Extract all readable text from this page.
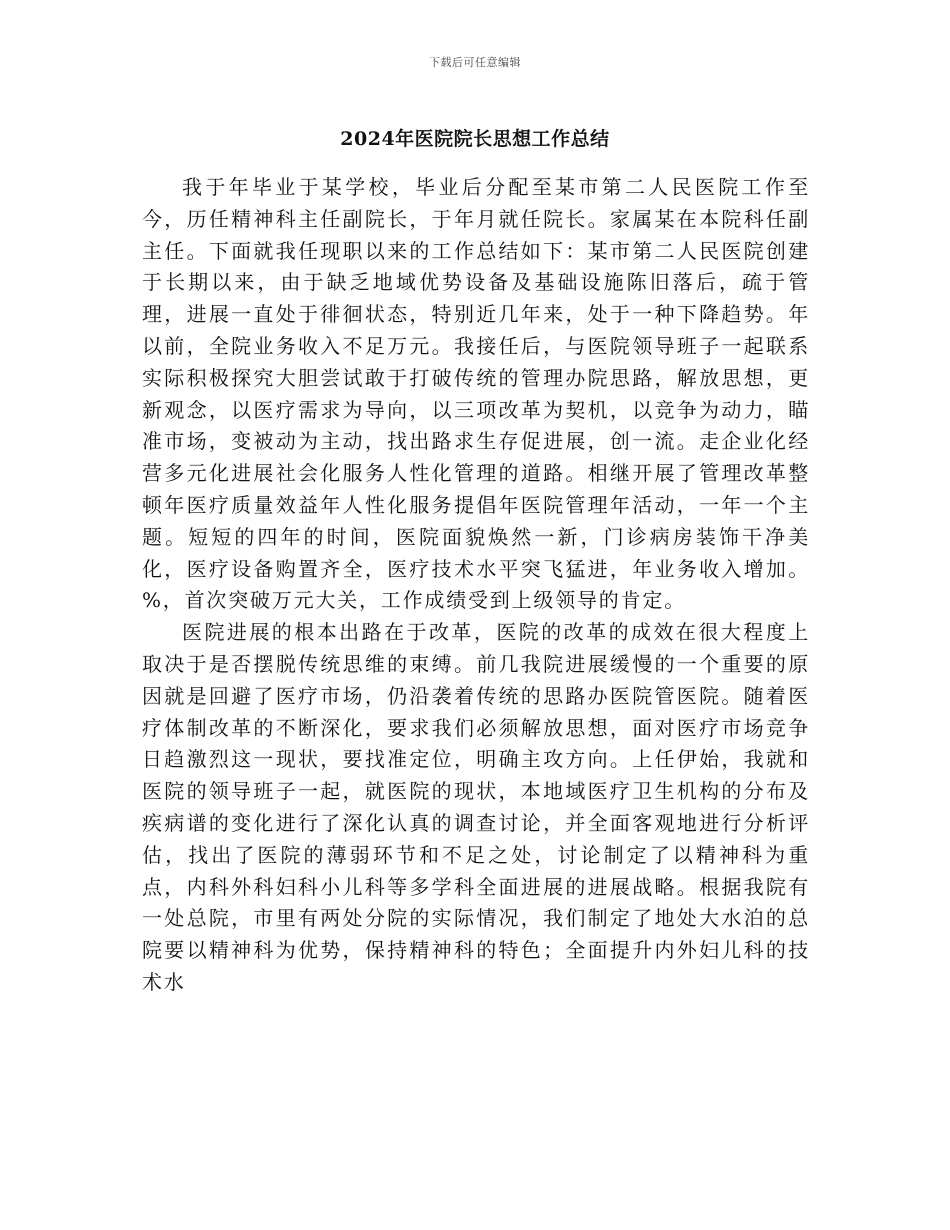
下载后可任意编辑
2024年医院院长思想工作总结

我于年毕业于某学校，毕业后分配至某市第二人民医院工作至今，历任精神科主任副院长，于年月就任院长。家属某在本院科任副主任。下面就我任现职以来的工作总结如下：某市第二人民医院创建于长期以来，由于缺乏地域优势设备及基础设施陈旧落后，疏于管理，进展一直处于徘徊状态，特别近几年来，处于一种下降趋势。年以前，全院业务收入不足万元。我接任后，与医院领导班子一起联系实际积极探究大胆尝试敢于打破传统的管理办院思路，解放思想，更新观念，以医疗需求为导向，以三项改革为契机，以竞争为动力，瞄准市场，变被动为主动，找出路求生存促进展，创一流。走企业化经营多元化进展社会化服务人性化管理的道路。相继开展了管理改革整顿年医疗质量效益年人性化服务提倡年医院管理年活动，一年一个主题。短短的四年的时间，医院面貌焕然一新，门诊病房装饰干净美化，医疗设备购置齐全，医疗技术水平突飞猛进，年业务收入增加。%，首次突破万元大关，工作成绩受到上级领导的肯定。

医院进展的根本出路在于改革，医院的改革的成效在很大程度上取决于是否摆脱传统思维的束缚。前几我院进展缓慢的一个重要的原因就是回避了医疗市场，仍沿袭着传统的思路办医院管医院。随着医疗体制改革的不断深化，要求我们必须解放思想，面对医疗市场竞争日趋激烈这一现状，要找准定位，明确主攻方向。上任伊始，我就和医院的领导班子一起，就医院的现状，本地域医疗卫生机构的分布及疾病谱的变化进行了深化认真的调查讨论，并全面客观地进行分析评估，找出了医院的薄弱环节和不足之处，讨论制定了以精神科为重点，内科外科妇科小儿科等多学科全面进展的进展战略。根据我院有一处总院，市里有两处分院的实际情况，我们制定了地处大水泊的总院要以精神科为优势，保持精神科的特色；全面提升内外妇儿科的技术水
